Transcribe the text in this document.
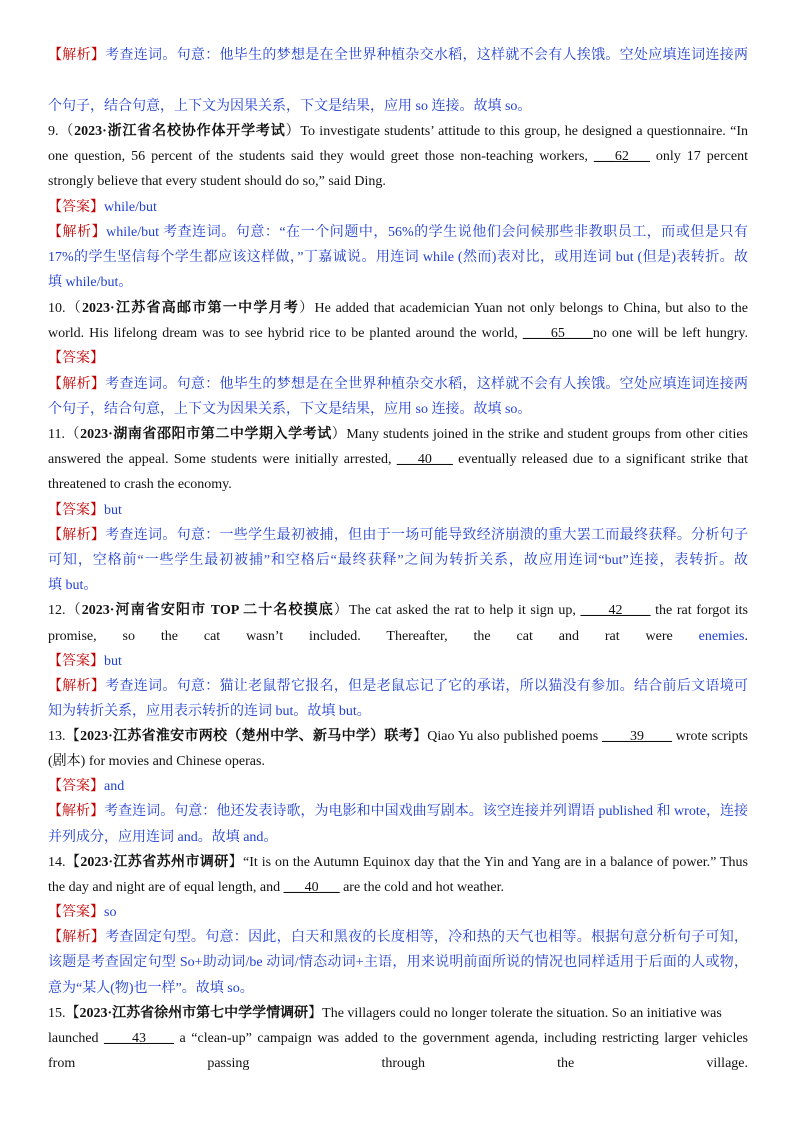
【解析】考查连词。句意：他毕生的梦想是在全世界种植杂交水稻，这样就不会有人挨饿。空处应填连词连接两
个句子，结合句意，上下文为因果关系，下文是结果，应用 so 连接。故填 so。
9.（2023·浙江省名校协作体开学考试）To investigate students’ attitude to this group, he designed a questionnaire. “In
one question, 56 percent of the students said they would greet those non-teaching workers, ___62___ only 17 percent
strongly believe that every student should do so,” said Ding.
【答案】while/but
【解析】while/but 考查连词。句意：“在一个问题中，56%的学生说他们会问候那些非教职员工，而或但是只有
17%的学生坚信每个学生都应该这样做，”丁嘉诚说。用连词 while (然而)表对比，或用连词 but (但是)表转折。故
填 while/but。
10.（2023·江苏省高邮市第一中学月考）He added that academician Yuan not only belongs to China, but also to the
world. His lifelong dream was to see hybrid rice to be planted around the world, ____65____no one will be left hungry.
【答案】
【解析】考查连词。句意：他毕生的梦想是在全世界种植杂交水稻，这样就不会有人挨饿。空处应填连词连接两
个句子，结合句意，上下文为因果关系，下文是结果，应用 so 连接。故填 so。
11.（2023·湖南省邵阳市第二中学期入学考试）Many students joined in the strike and student groups from other cities
answered the appeal. Some students were initially arrested, ___40___ eventually released due to a significant strike that
threatened to crash the economy.
【答案】but
【解析】考查连词。句意：一些学生最初被捕，但由于一场可能导致经济崩溃的重大罢工而最终获释。分析句子
可知，空格前“一些学生最初被捕”和空格后“最终获释”之间为转折关系，故应用连词“but”连接，表转折。故
填 but。
12.（2023·河南省安阳市 TOP 二十名校摸底）The cat asked the rat to help it sign up, ____42____ the rat forgot its
promise, so the cat wasn’t included. Thereafter, the cat and rat were enemies.
【答案】but
【解析】考查连词。句意：猫让老鼠帮它报名，但是老鼠忘记了它的承诺，所以猫没有参加。结合前后文语境可
知为转折关系，应用表示转折的连词 but。故填 but。
13.【2023·江苏省淮安市两校（楚州中学、新马中学）联考】Qiao Yu also published poems ____39____ wrote scripts
(剧本) for movies and Chinese operas.
【答案】and
【解析】考查连词。句意：他还发表诗歌，为电影和中国戏曲写剧本。该空连接并列谓语 published 和 wrote，连接
并列成分，应用连词 and。故填 and。
14.【2023·江苏省苏州市调研】“It is on the Autumn Equinox day that the Yin and Yang are in a balance of power.” Thus
the day and night are of equal length, and ___40___ are the cold and hot weather.
【答案】so
【解析】考查固定句型。句意：因此，白天和黑夜的长度相等，冷和热的天气也相等。根据句意分析句子可知，
该题是考查固定句型 So+助动词/be 动词/情态动词+主语，用来说明前面所说的情况也同样适用于后面的人或物，
意为“某人(物)也一样”。故填 so。
15.【2023·江苏省徐州市第七中学学情调研】The villagers could no longer tolerate the situation. So an initiative was
launched ____43____ a “clean-up” campaign was added to the government agenda, including restricting larger vehicles
from passing through the village.
